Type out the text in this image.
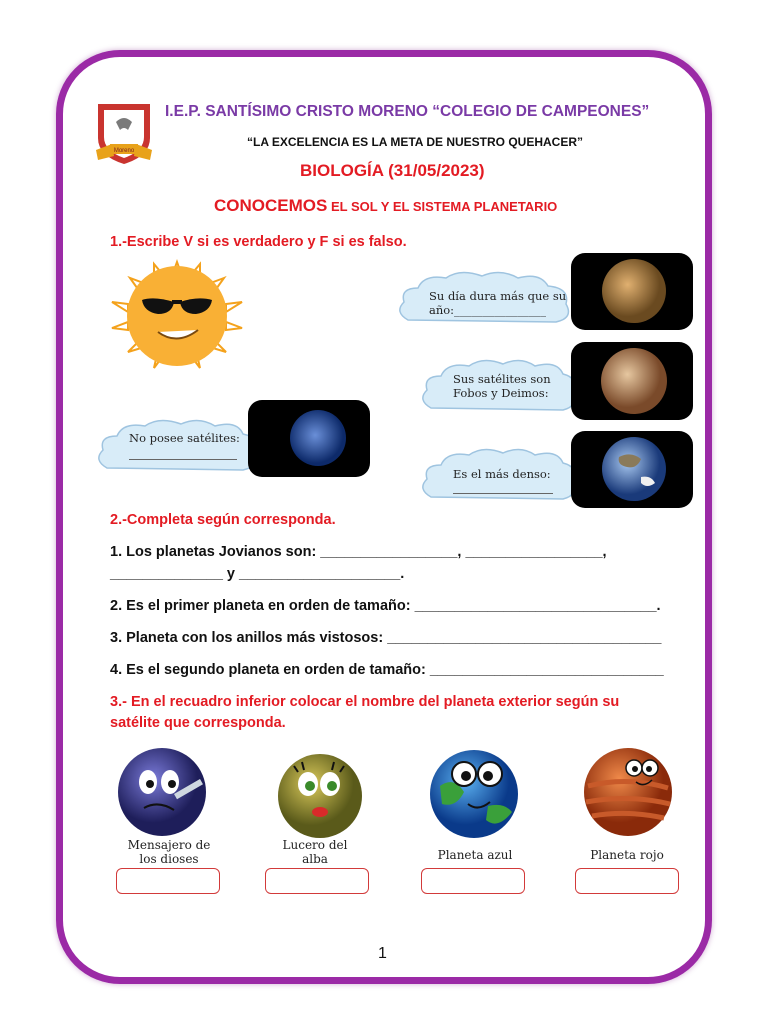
Moreno
I.E.P. SANTÍSIMO CRISTO MORENO “COLEGIO DE CAMPEONES”
“LA EXCELENCIA ES LA META DE NUESTRO QUEHACER”
BIOLOGÍA (31/05/2023)
CONOCEMOS EL SOL Y EL SISTEMA PLANETARIO
1.-Escribe V si es verdadero y F si es falso.
Su día dura más que su
año:________________
Sus satélites son
Fobos y Deimos:
No posee satélites:
Es el más denso:
2.-Completa según corresponda.
1. Los planetas Jovianos son: _________________, _________________,
______________ y ____________________.
2. Es el primer planeta en orden de tamaño: ______________________________.
3. Planeta con los anillos más vistosos: __________________________________
4. Es el segundo planeta en orden de tamaño: _____________________________
3.- En el recuadro inferior colocar el nombre del planeta exterior según su
satélite que corresponda.
Mensajero de
los dioses
Lucero del
alba	Planeta azul	Planeta rojo
1
